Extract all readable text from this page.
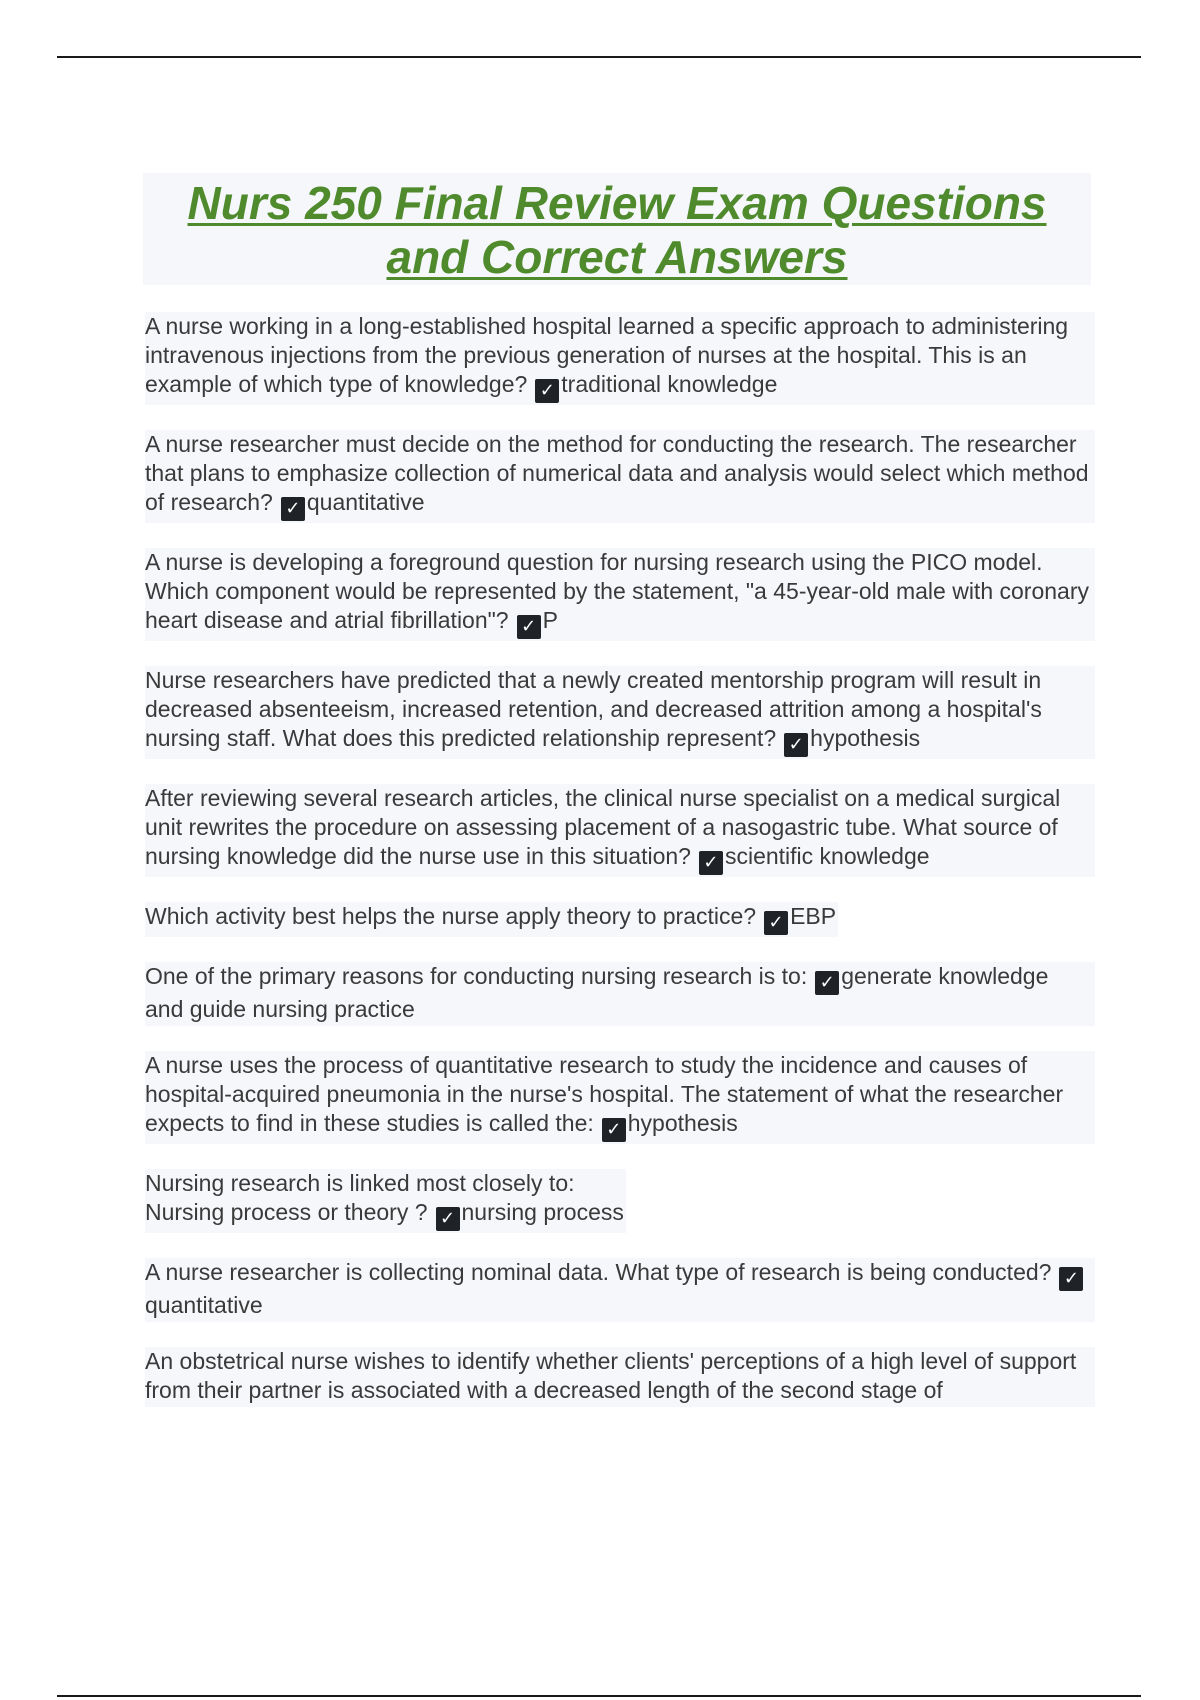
Nurs 250 Final Review Exam Questions
and Correct Answers
A nurse working in a long-established hospital learned a specific approach to administering intravenous injections from the previous generation of nurses at the hospital. This is an example of which type of knowledge? ✓ traditional knowledge
A nurse researcher must decide on the method for conducting the research. The researcher that plans to emphasize collection of numerical data and analysis would select which method of research? ✓ quantitative
A nurse is developing a foreground question for nursing research using the PICO model. Which component would be represented by the statement, "a 45-year-old male with coronary heart disease and atrial fibrillation"? ✓ P
Nurse researchers have predicted that a newly created mentorship program will result in decreased absenteeism, increased retention, and decreased attrition among a hospital's nursing staff. What does this predicted relationship represent? ✓ hypothesis
After reviewing several research articles, the clinical nurse specialist on a medical surgical unit rewrites the procedure on assessing placement of a nasogastric tube. What source of nursing knowledge did the nurse use in this situation? ✓ scientific knowledge
Which activity best helps the nurse apply theory to practice? ✓ EBP
One of the primary reasons for conducting nursing research is to: ✓ generate knowledge and guide nursing practice
A nurse uses the process of quantitative research to study the incidence and causes of hospital-acquired pneumonia in the nurse's hospital. The statement of what the researcher expects to find in these studies is called the: ✓ hypothesis
Nursing research is linked most closely to:
Nursing process or theory ? ✓ nursing process
A nurse researcher is collecting nominal data. What type of research is being conducted? ✓quantitative
An obstetrical nurse wishes to identify whether clients' perceptions of a high level of support from their partner is associated with a decreased length of the second stage of
